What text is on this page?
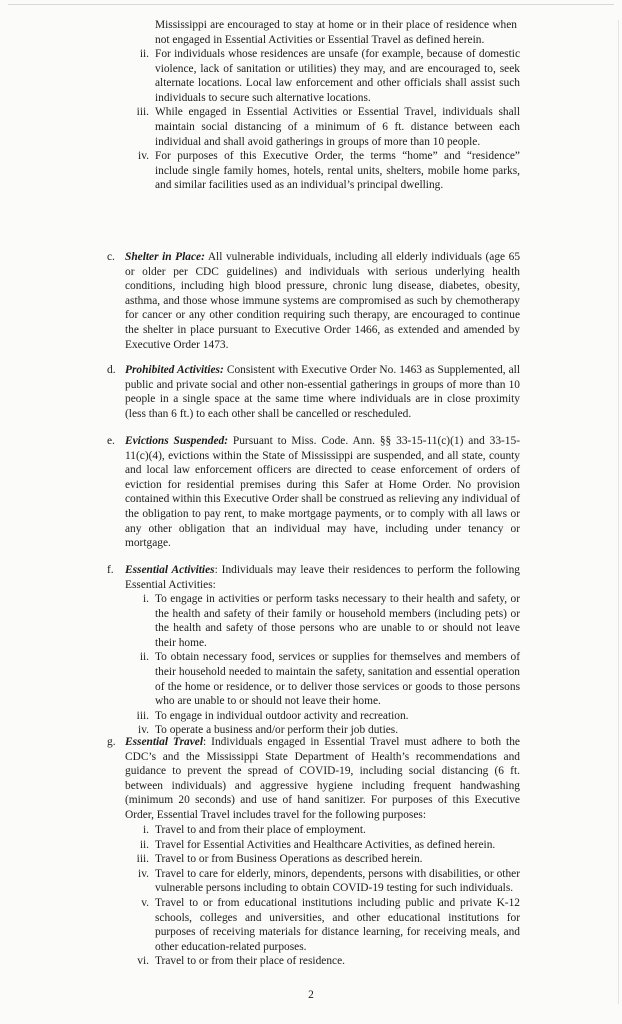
Mississippi are encouraged to stay at home or in their place of residence when not engaged in Essential Activities or Essential Travel as defined herein.

ii. For individuals whose residences are unsafe (for example, because of domestic violence, lack of sanitation or utilities) they may, and are encouraged to, seek alternate locations. Local law enforcement and other officials shall assist such individuals to secure such alternative locations.
iii. While engaged in Essential Activities or Essential Travel, individuals shall maintain social distancing of a minimum of 6 ft. distance between each individual and shall avoid gatherings in groups of more than 10 people.
iv. For purposes of this Executive Order, the terms “home” and “residence” include single family homes, hotels, rental units, shelters, mobile home parks, and similar facilities used as an individual’s principal dwelling.
c. Shelter in Place: All vulnerable individuals, including all elderly individuals (age 65 or older per CDC guidelines) and individuals with serious underlying health conditions, including high blood pressure, chronic lung disease, diabetes, obesity, asthma, and those whose immune systems are compromised as such by chemotherapy for cancer or any other condition requiring such therapy, are encouraged to continue the shelter in place pursuant to Executive Order 1466, as extended and amended by Executive Order 1473.
d. Prohibited Activities: Consistent with Executive Order No. 1463 as Supplemented, all public and private social and other non-essential gatherings in groups of more than 10 people in a single space at the same time where individuals are in close proximity (less than 6 ft.) to each other shall be cancelled or rescheduled.
e. Evictions Suspended: Pursuant to Miss. Code. Ann. §§ 33-15-11(c)(1) and 33-15-11(c)(4), evictions within the State of Mississippi are suspended, and all state, county and local law enforcement officers are directed to cease enforcement of orders of eviction for residential premises during this Safer at Home Order. No provision contained within this Executive Order shall be construed as relieving any individual of the obligation to pay rent, to make mortgage payments, or to comply with all laws or any other obligation that an individual may have, including under tenancy or mortgage.
f. Essential Activities: Individuals may leave their residences to perform the following Essential Activities:
i. To engage in activities or perform tasks necessary to their health and safety, or the health and safety of their family or household members (including pets) or the health and safety of those persons who are unable to or should not leave their home.
ii. To obtain necessary food, services or supplies for themselves and members of their household needed to maintain the safety, sanitation and essential operation of the home or residence, or to deliver those services or goods to those persons who are unable to or should not leave their home.
iii. To engage in individual outdoor activity and recreation.
iv. To operate a business and/or perform their job duties.
g. Essential Travel: Individuals engaged in Essential Travel must adhere to both the CDC’s and the Mississippi State Department of Health’s recommendations and guidance to prevent the spread of COVID-19, including social distancing (6 ft. between individuals) and aggressive hygiene including frequent handwashing (minimum 20 seconds) and use of hand sanitizer. For purposes of this Executive Order, Essential Travel includes travel for the following purposes:
i. Travel to and from their place of employment.
ii. Travel for Essential Activities and Healthcare Activities, as defined herein.
iii. Travel to or from Business Operations as described herein.
iv. Travel to care for elderly, minors, dependents, persons with disabilities, or other vulnerable persons including to obtain COVID-19 testing for such individuals.
v. Travel to or from educational institutions including public and private K-12 schools, colleges and universities, and other educational institutions for purposes of receiving materials for distance learning, for receiving meals, and other education-related purposes.
vi. Travel to or from their place of residence.
2
